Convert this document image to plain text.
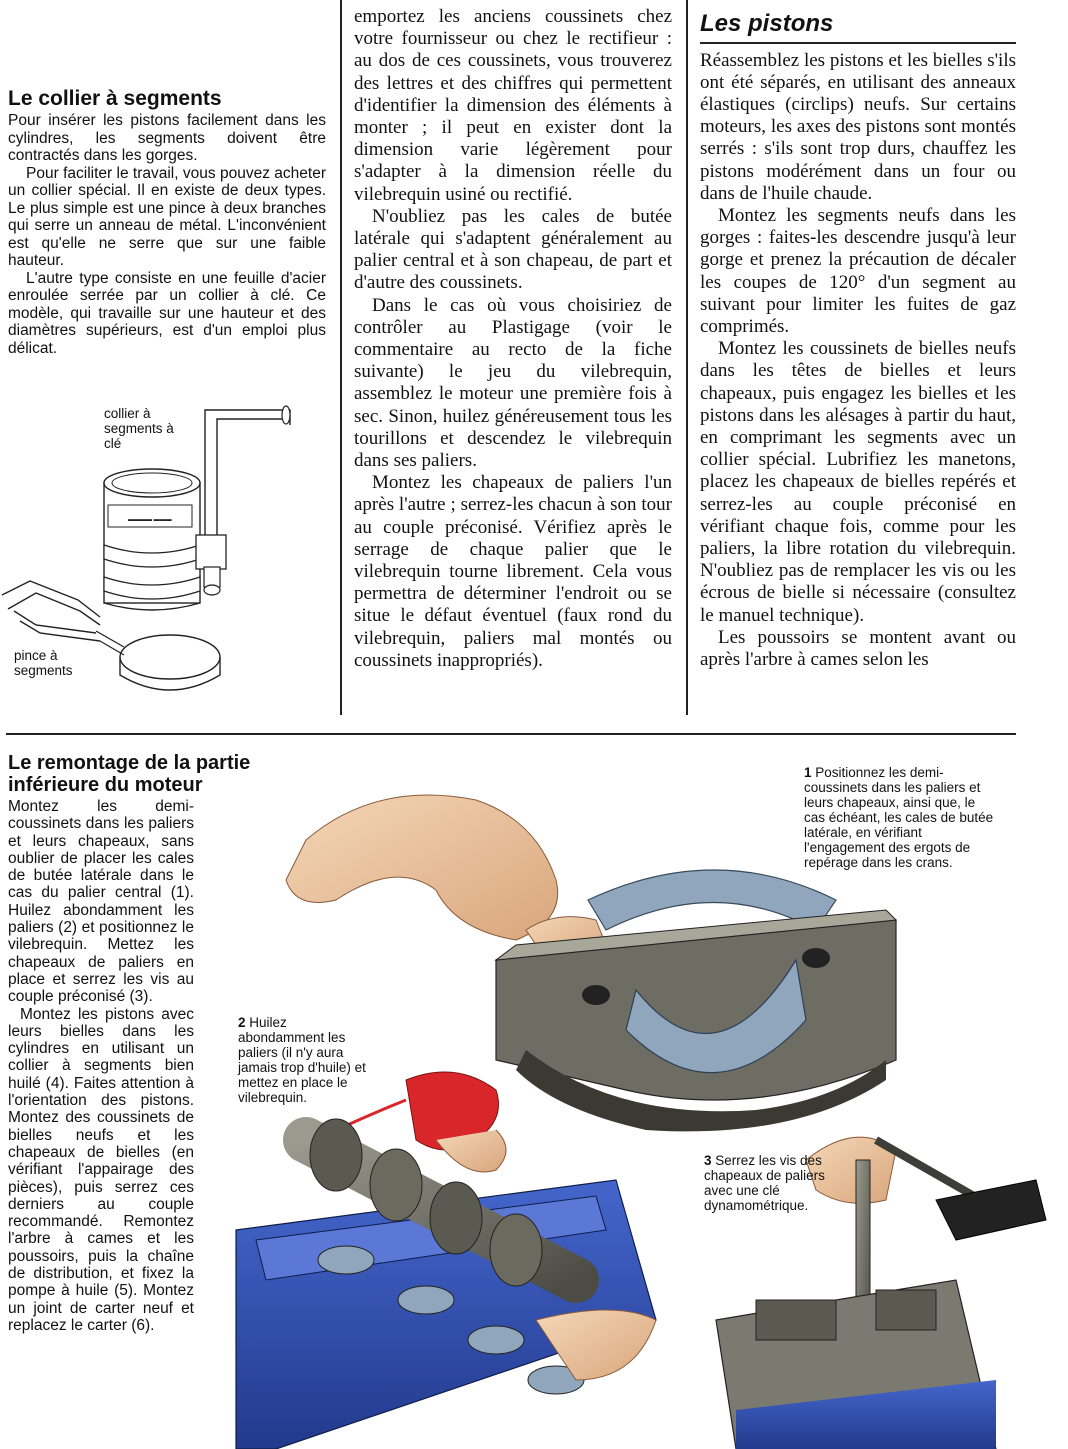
Le collier à segments

Pour insérer les pistons facilement dans les cylindres, les segments doivent être contractés dans les gorges.

Pour faciliter le travail, vous pouvez acheter un collier spécial. Il en existe de deux types. Le plus simple est une pince à deux branches qui serre un anneau de métal. L'inconvénient est qu'elle ne serre que sur une faible hauteur.

L'autre type consiste en une feuille d'acier enroulée serrée par un collier à clé. Ce modèle, qui travaille sur une hauteur et des diamètres supérieurs, est d'un emploi plus délicat.

collier à segments à clé
pince à segments
▬▬▬▬ ▬▬▬

emportez les anciens coussinets chez votre fournisseur ou chez le rectifieur : au dos de ces coussinets, vous trouverez des lettres et des chiffres qui permettent d'identifier la dimension des éléments à monter ; il peut en exister dont la dimension varie légèrement pour s'adapter à la dimension réelle du vilebrequin usiné ou rectifié.

N'oubliez pas les cales de butée latérale qui s'adaptent généralement au palier central et à son chapeau, de part et d'autre des coussinets.

Dans le cas où vous choisiriez de contrôler au Plastigage (voir le commentaire au recto de la fiche suivante) le jeu du vilebrequin, assemblez le moteur une première fois à sec. Sinon, huilez généreusement tous les tourillons et descendez le vilebrequin dans ses paliers.

Montez les chapeaux de paliers l'un après l'autre ; serrez-les chacun à son tour au couple préconisé. Vérifiez après le serrage de chaque palier que le vilebrequin tourne librement. Cela vous permettra de déterminer l'endroit ou se situe le défaut éventuel (faux rond du vilebrequin, paliers mal montés ou coussinets inappropriés).

Les pistons

Réassemblez les pistons et les bielles s'ils ont été séparés, en utilisant des anneaux élastiques (circlips) neufs. Sur certains moteurs, les axes des pistons sont montés serrés : s'ils sont trop durs, chauffez les pistons modérément dans un four ou dans de l'huile chaude.

Montez les segments neufs dans les gorges : faites-les descendre jusqu'à leur gorge et prenez la précaution de décaler les coupes de 120° d'un segment au suivant pour limiter les fuites de gaz comprimés.

Montez les coussinets de bielles neufs dans les têtes de bielles et leurs chapeaux, puis engagez les bielles et les pistons dans les alésages à partir du haut, en comprimant les segments avec un collier spécial. Lubrifiez les manetons, placez les chapeaux de bielles repérés et serrez-les au couple préconisé en vérifiant chaque fois, comme pour les paliers, la libre rotation du vilebrequin. N'oubliez pas de remplacer les vis ou les écrous de bielle si nécessaire (consultez le manuel technique).

Les poussoirs se montent avant ou après l'arbre à cames selon les

Le remontage de la partie inférieure du moteur

Montez les demi-coussinets dans les paliers et leurs chapeaux, sans oublier de placer les cales de butée latérale dans le cas du palier central (1). Huilez abondamment les paliers (2) et positionnez le vilebrequin. Mettez les chapeaux de paliers en place et serrez les vis au couple préconisé (3).

Montez les pistons avec leurs bielles dans les cylindres en utilisant un collier à segments bien huilé (4). Faites attention à l'orientation des pistons. Montez des coussinets de bielles neufs et les chapeaux de bielles (en vérifiant l'appairage des pièces), puis serrez ces derniers au couple recommandé. Remontez l'arbre à cames et les poussoirs, puis la chaîne de distribution, et fixez la pompe à huile (5). Montez un joint de carter neuf et replacez le carter (6).

1 Positionnez les demi-coussinets dans les paliers et leurs chapeaux, ainsi que, le cas échéant, les cales de butée latérale, en vérifiant l'engagement des ergots de repérage dans les crans.
2 Huilez abondamment les paliers (il n'y aura jamais trop d'huile) et mettez en place le vilebrequin.
3 Serrez les vis des chapeaux de paliers avec une clé dynamométrique.
